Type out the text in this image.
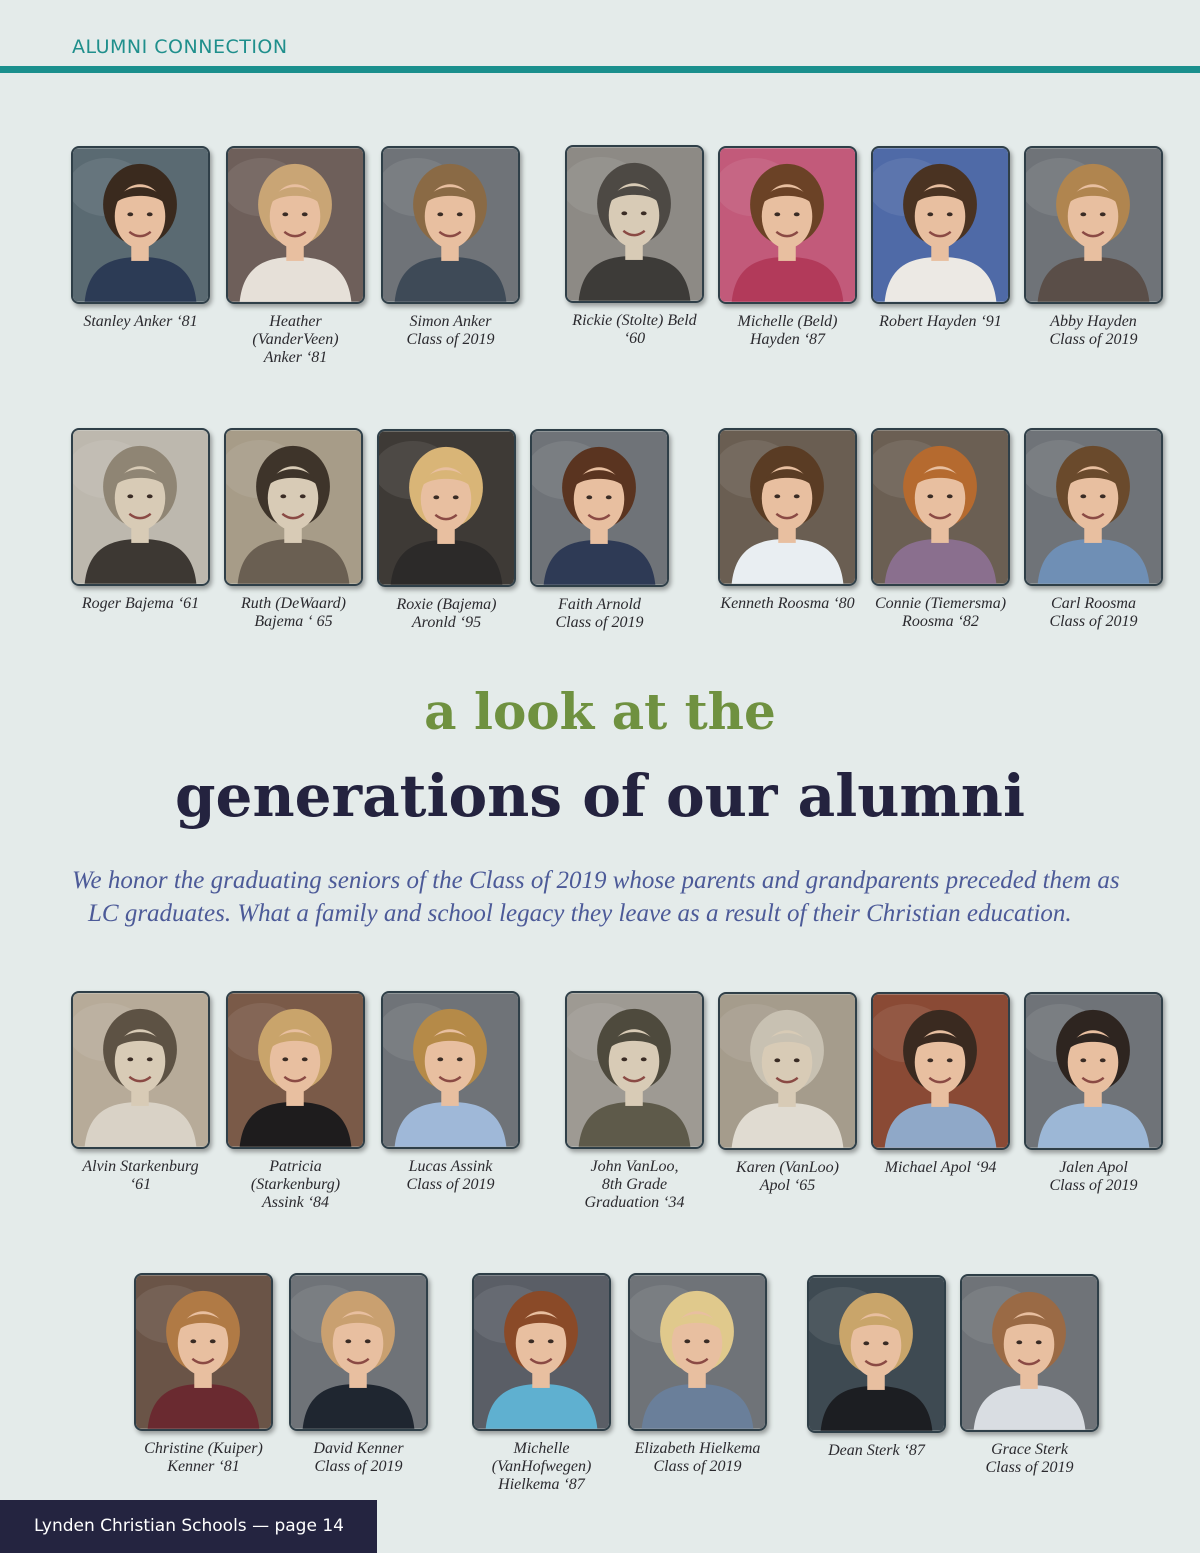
ALUMNI CONNECTION
Stanley Anker ‘81	Heather
(VanderVeen)
Anker ‘81
Simon Anker
Class of 2019
Rickie (Stolte) Beld
‘60
Michelle (Beld)
Hayden ‘87
Robert Hayden ‘91	Abby Hayden
Class of 2019
Roger Bajema ‘61	Ruth (DeWaard)
Bajema ‘ 65
Roxie (Bajema)
Aronld ‘95
Faith Arnold
Class of 2019
Kenneth Roosma ‘80	Connie (Tiemersma)
Roosma ‘82
Carl Roosma
Class of 2019
Alvin Starkenburg
‘61
Patricia
(Starkenburg)
Assink ‘84
Lucas Assink
Class of 2019
John VanLoo,
8th Grade
Graduation ‘34
Karen (VanLoo)
Apol ‘65
Michael Apol ‘94	Jalen Apol
Class of 2019
Christine (Kuiper)
Kenner ‘81
David Kenner
Class of 2019
Michelle
(VanHofwegen)
Hielkema ‘87
Elizabeth Hielkema
Class of 2019
Dean Sterk ‘87	Grace Sterk
Class of 2019
a look at the
generations of our alumni
We honor the graduating seniors of the Class of 2019 whose parents and grandparents preceded them as
LC graduates. What a family and school legacy they leave as a result of their Christian education.
Lynden Christian Schools — page 14
